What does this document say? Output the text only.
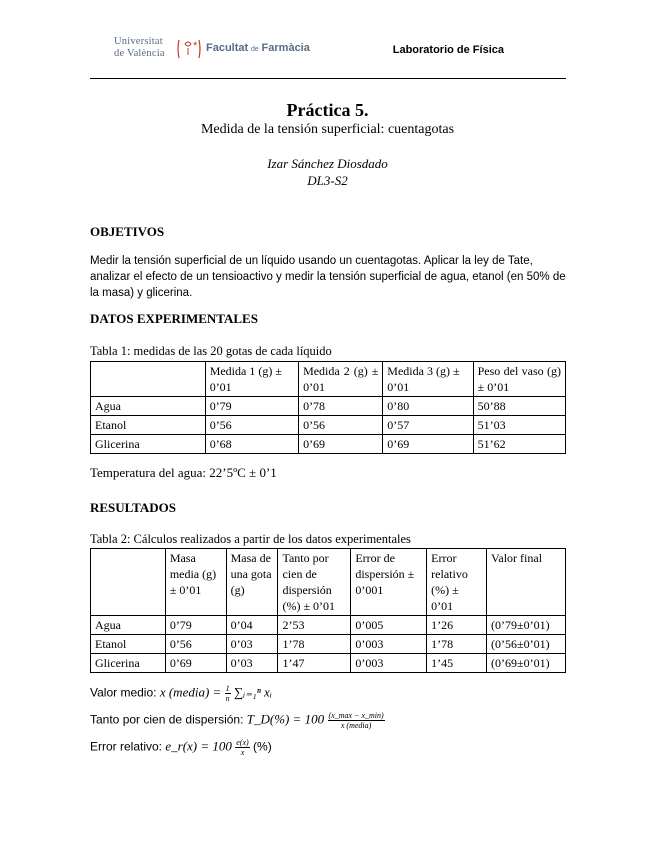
Universitat
de València
* Facultat de Farmàcia	Laboratorio de Física
Práctica 5.
Medida de la tensión superficial: cuentagotas
Izar Sánchez Diosdado
DL3-S2
OBJETIVOS
Medir la tensión superficial de un líquido usando un cuentagotas. Aplicar la ley de Tate, analizar el efecto de un tensioactivo y medir la tensión superficial de agua, etanol (en 50% de la masa) y glicerina.
DATOS EXPERIMENTALES
Tabla 1: medidas de las 20 gotas de cada líquido
	Medida 1 (g) ± 0’01	Medida 2 (g) ± 0’01	Medida 3 (g) ± 0’01	Peso del vaso (g) ± 0’01
Agua	0’79	0’78	0’80	50’88
Etanol	0’56	0’56	0’57	51’03
Glicerina	0’68	0’69	0’69	51’62
Temperatura del agua: 22’5ºC ± 0’1
RESULTADOS
Tabla 2: Cálculos realizados a partir de los datos experimentales
	Masa media (g) ± 0’01	Masa de una gota (g)	Tanto por cien de dispersión (%) ± 0’01	Error de dispersión ± 0’001	Error relativo (%) ± 0’01	Valor final
Agua	0’79	0’04	2’53	0’005	1’26	(0’79±0’01)
Etanol	0’56	0’03	1’78	0’003	1’78	(0’56±0’01)
Glicerina	0’69	0’03	1’47	0’003	1’45	(0’69±0’01)
Valor medio: x (media) = $\frac{1}{n}$ ∑ᵢ₌₁ⁿ xᵢ
Tanto por cien de dispersión: T_D(%) = $100 \frac{(x\_\max - x\_\min)}{\text{x (media)}}$
Error relativo: e_r(x) = $100 \frac{e(x)}{x}$ (%)
